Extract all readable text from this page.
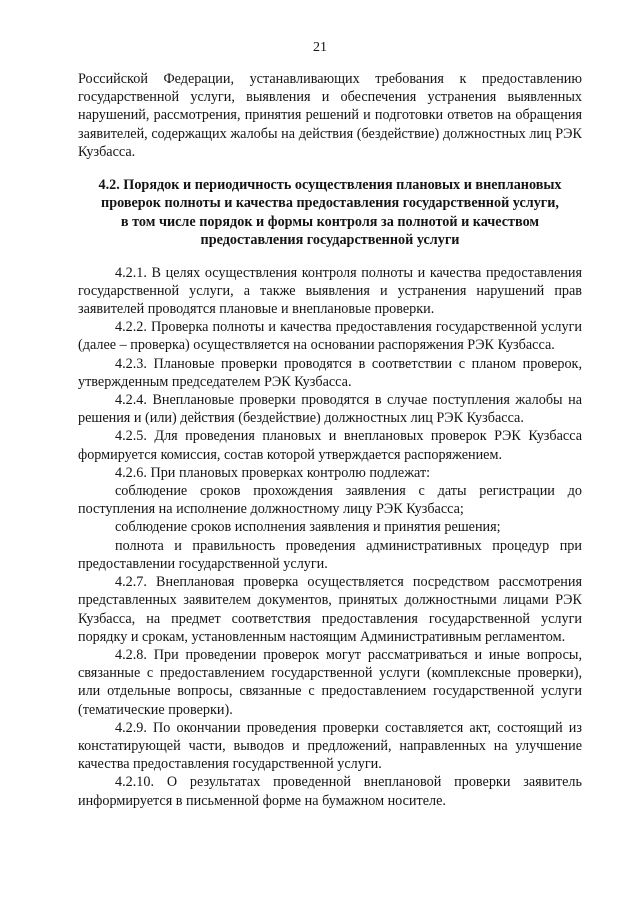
21

Российской Федерации, устанавливающих требования к предоставлению государственной услуги, выявления и обеспечения устранения выявленных нарушений, рассмотрения, принятия решений и подготовки ответов на обращения заявителей, содержащих жалобы на действия (бездействие) должностных лиц РЭК Кузбасса.

4.2. Порядок и периодичность осуществления плановых и внеплановых
проверок полноты и качества предоставления государственной услуги,
в том числе порядок и формы контроля за полнотой и качеством
предоставления государственной услуги

4.2.1. В целях осуществления контроля полноты и качества предоставления государственной услуги, а также выявления и устранения нарушений прав заявителей проводятся плановые и внеплановые проверки.

4.2.2. Проверка полноты и качества предоставления государственной услуги (далее – проверка) осуществляется на основании распоряжения РЭК Кузбасса.

4.2.3. Плановые проверки проводятся в соответствии с планом проверок, утвержденным председателем РЭК Кузбасса.

4.2.4. Внеплановые проверки проводятся в случае поступления жалобы на решения и (или) действия (бездействие) должностных лиц РЭК Кузбасса.

4.2.5. Для проведения плановых и внеплановых проверок РЭК Кузбасса формируется комиссия, состав которой утверждается распоряжением.

4.2.6. При плановых проверках контролю подлежат:

соблюдение сроков прохождения заявления с даты регистрации до поступления на исполнение должностному лицу РЭК Кузбасса;

соблюдение сроков исполнения заявления и принятия решения;

полнота и правильность проведения административных процедур при предоставлении государственной услуги.

4.2.7. Внеплановая проверка осуществляется посредством рассмотрения представленных заявителем документов, принятых должностными лицами РЭК Кузбасса, на предмет соответствия предоставления государственной услуги порядку и срокам, установленным настоящим Административным регламентом.

4.2.8. При проведении проверок могут рассматриваться и иные вопросы, связанные с предоставлением государственной услуги (комплексные проверки), или отдельные вопросы, связанные с предоставлением государственной услуги (тематические проверки).

4.2.9. По окончании проведения проверки составляется акт, состоящий из констатирующей части, выводов и предложений, направленных на улучшение качества предоставления государственной услуги.

4.2.10. О результатах проведенной внеплановой проверки заявитель информируется в письменной форме на бумажном носителе.
